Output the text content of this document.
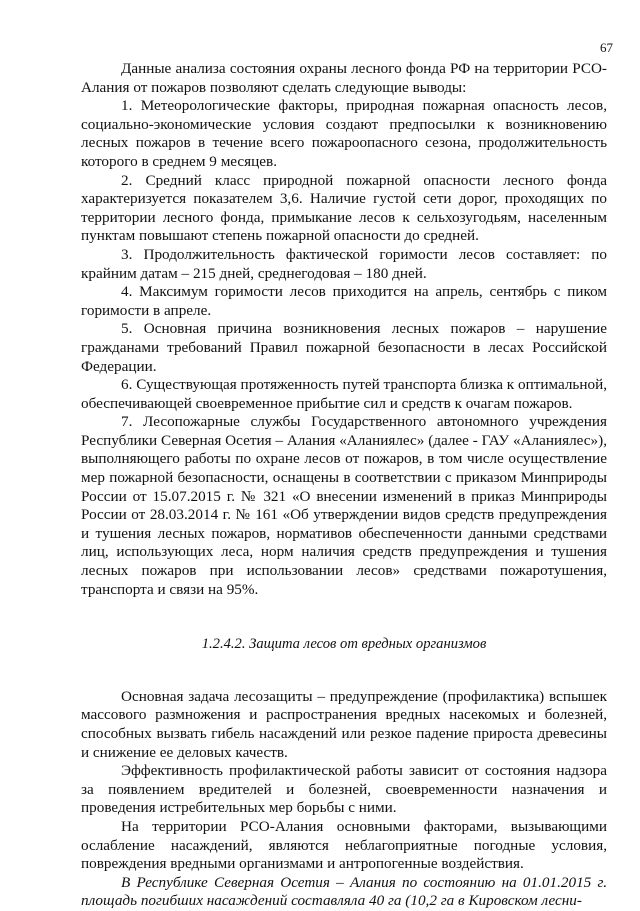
67

Данные анализа состояния охраны лесного фонда РФ на территории РСО-Алания от пожаров позволяют сделать следующие выводы:

1. Метеорологические факторы, природная пожарная опасность лесов, социально-экономические условия создают предпосылки к возникновению лесных пожаров в течение всего пожароопасного сезона, продолжительность которого в среднем 9 месяцев.

2. Средний класс природной пожарной опасности лесного фонда характеризуется показателем 3,6. Наличие густой сети дорог, проходящих по территории лесного фонда, примыкание лесов к сельхозугодьям, населенным пунктам повышают степень пожарной опасности до средней.

3. Продолжительность фактической горимости лесов составляет: по крайним датам – 215 дней, среднегодовая – 180 дней.

4. Максимум горимости лесов приходится на апрель, сентябрь с пиком горимости в апреле.

5. Основная причина возникновения лесных пожаров – нарушение гражданами требований Правил пожарной безопасности в лесах Российской Федерации.

6. Существующая протяженность путей транспорта близка к оптимальной, обеспечивающей своевременное прибытие сил и средств к очагам пожаров.

7. Лесопожарные службы Государственного автономного учреждения Республики Северная Осетия – Алания «Аланиялес» (далее - ГАУ «Аланиялес»), выполняющего работы по охране лесов от пожаров, в том числе осуществление мер пожарной безопасности, оснащены в соответствии с приказом Минприроды России от 15.07.2015 г. № 321 «О внесении изменений в приказ Минприроды России от 28.03.2014 г. № 161 «Об утверждении видов средств предупреждения и тушения лесных пожаров, нормативов обеспеченности данными средствами лиц, использующих леса, норм наличия средств предупреждения и тушения лесных пожаров при использовании лесов» средствами пожаротушения, транспорта и связи на 95%.

1.2.4.2. Защита лесов от вредных организмов

Основная задача лесозащиты – предупреждение (профилактика) вспышек массового размножения и распространения вредных насекомых и болезней, способных вызвать гибель насаждений или резкое падение прироста древесины и снижение ее деловых качеств.

Эффективность профилактической работы зависит от состояния надзора за появлением вредителей и болезней, своевременности назначения и проведения истребительных мер борьбы с ними.

На территории РСО-Алания основными факторами, вызывающими ослабление насаждений, являются неблагоприятные погодные условия, повреждения вредными организмами и антропогенные воздействия.

В Республике Северная Осетия – Алания по состоянию на 01.01.2015 г. площадь погибших насаждений составляла 40 га (10,2 га в Кировском лесни-
